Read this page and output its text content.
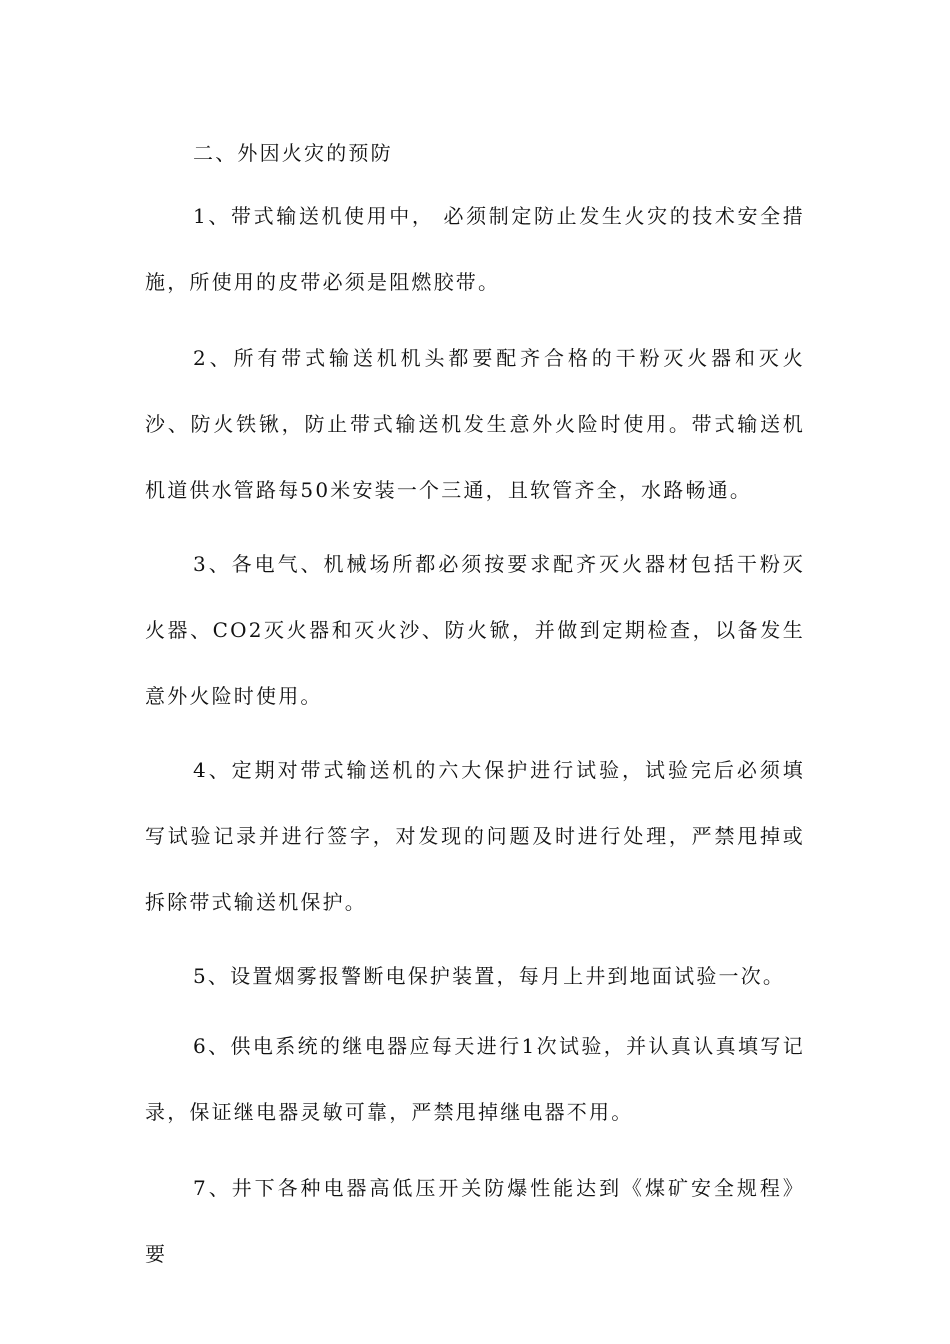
二、外因火灾的预防

1、带式输送机使用中， 必须制定防止发生火灾的技术安全措施，所使用的皮带必须是阻燃胶带。

2、所有带式输送机机头都要配齐合格的干粉灭火器和灭火沙、防火铁锹，防止带式输送机发生意外火险时使用。带式输送机机道供水管路每50米安装一个三通，且软管齐全，水路畅通。

3、各电气、机械场所都必须按要求配齐灭火器材包括干粉灭火器、CO2灭火器和灭火沙、防火锨，并做到定期检查，以备发生意外火险时使用。

4、定期对带式输送机的六大保护进行试验，试验完后必须填写试验记录并进行签字，对发现的问题及时进行处理，严禁甩掉或拆除带式输送机保护。

5、设置烟雾报警断电保护装置，每月上井到地面试验一次。

6、供电系统的继电器应每天进行1次试验，并认真认真填写记录，保证继电器灵敏可靠，严禁甩掉继电器不用。

7、井下各种电器高低压开关防爆性能达到《煤矿安全规程》要
